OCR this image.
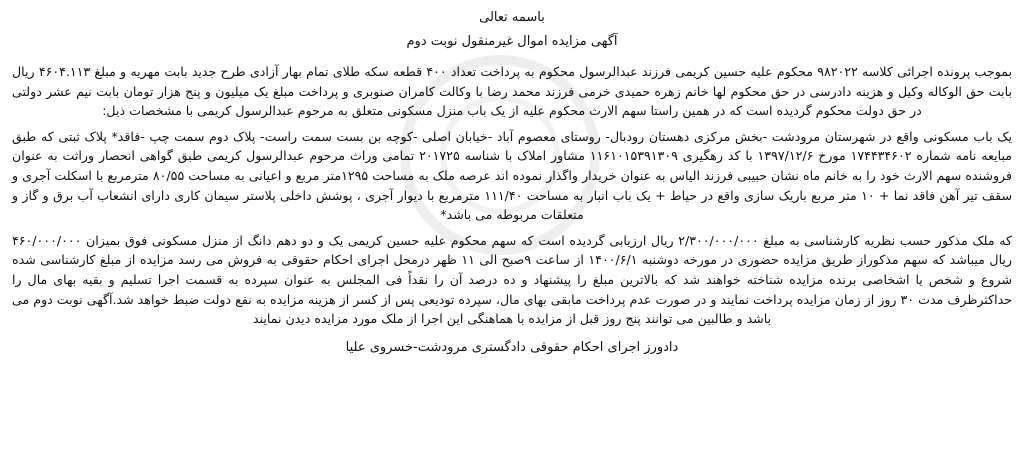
باسمه تعالی

آگهی مزایده اموال غیرمنقول نوبت دوم

بموجب پرونده اجرائی کلاسه ۹۸۲۰۲۲ محکوم علیه حسین کریمی فرزند عبدالرسول محکوم به پرداخت تعداد ۴۰۰ قطعه سکه طلای تمام بهار آزادی طرح جدید بابت مهریه و مبلغ ۴۶۰۴.۱۱۳ ریال بابت حق الوکاله وکیل و هزینه دادرسی در حق محکوم لها خانم زهره حمیدی خرمی فرزند محمد رضا با وکالت کامران صنوبری و پرداخت مبلغ یک میلیون و پنج هزار تومان بابت نیم عشر دولتی در حق دولت محکوم گردیده است که در همین راستا سهم الارث محکوم علیه از یک باب منزل مسکونی متعلق به مرحوم عبدالرسول کریمی با مشخصات ذیل:

یک باب مسکونی واقع در شهرستان مرودشت -بخش مرکزی دهستان رودبال- روستای معصوم آباد -خیابان اصلی -کوچه بن بست سمت راست- پلاک دوم سمت چپ -فاقد* پلاک ثبتی که طبق مبایعه نامه شماره ۱۷۴۴۳۴۶۰۲ مورخ ۱۳۹۷/۱۲/۶ با کد رهگیری ۱۱۶۱۰۱۵۳۹۱۳۰۹ مشاور املاک با شناسه ۲۰۱۷۲۵ تمامی وراث مرحوم عبدالرسول کریمی طبق گواهی انحصار وراثت به عنوان فروشنده سهم الارث خود را به خانم ماه نشان حبیبی فرزند الیاس به عنوان خریدار واگذار نموده اند عرصه ملک به مساحت ۱۲۹۵متر مربع و اعیانی به مساحت ۸۰/۵۵ مترمربع با اسکلت آجری و سقف تیر آهن فاقد نما + ۱۰ متر مربع باریک سازی واقع در حیاط + یک باب انبار به مساحت ۱۱۱/۴۰ مترمربع با دیوار آجری ، پوشش داخلی پلاستر سیمان کاری دارای انشعاب آب برق و گاز و متعلقات مربوطه می باشد*

که ملک مذکور حسب نظریه کارشناسی به مبلغ ۲/۳۰۰/۰۰۰/۰۰۰ ریال ارزیابی گردیده است که سهم محکوم علیه حسین کریمی یک و دو دهم دانگ از منزل مسکونی فوق بمیزان ۴۶۰/۰۰۰/۰۰۰ ریال میباشد که سهم مذکوراز طریق مزایده حضوری در مورخه دوشنبه ۱۴۰۰/۶/۱ از ساعت ۹صبح الی ۱۱ ظهر درمحل اجرای احکام حقوقی به فروش می رسد مزایده از مبلغ کارشناسی شده شروع و شخص یا اشخاصی برنده مزایده شناخته خواهند شد که بالاترین مبلغ را پیشنهاد و ده درصد آن را نقداً فی المجلس به عنوان سپرده به قسمت اجرا تسلیم و بقیه بهای مال را حداکثرظرف مدت ۳۰ روز از زمان مزایده پرداخت نمایند و در صورت عدم پرداخت مابقی بهای مال، سپرده تودیعی پس از کسر از هزینه مزایده به نفع دولت ضبط خواهد شد.آگهی نوبت دوم می باشد و طالبین می توانند پنج روز قبل از مزایده با هماهنگی این اجرا از ملک مورد مزایده دیدن نمایند

دادورز اجرای احکام حقوقی دادگستری مرودشت-خسروی علیا
